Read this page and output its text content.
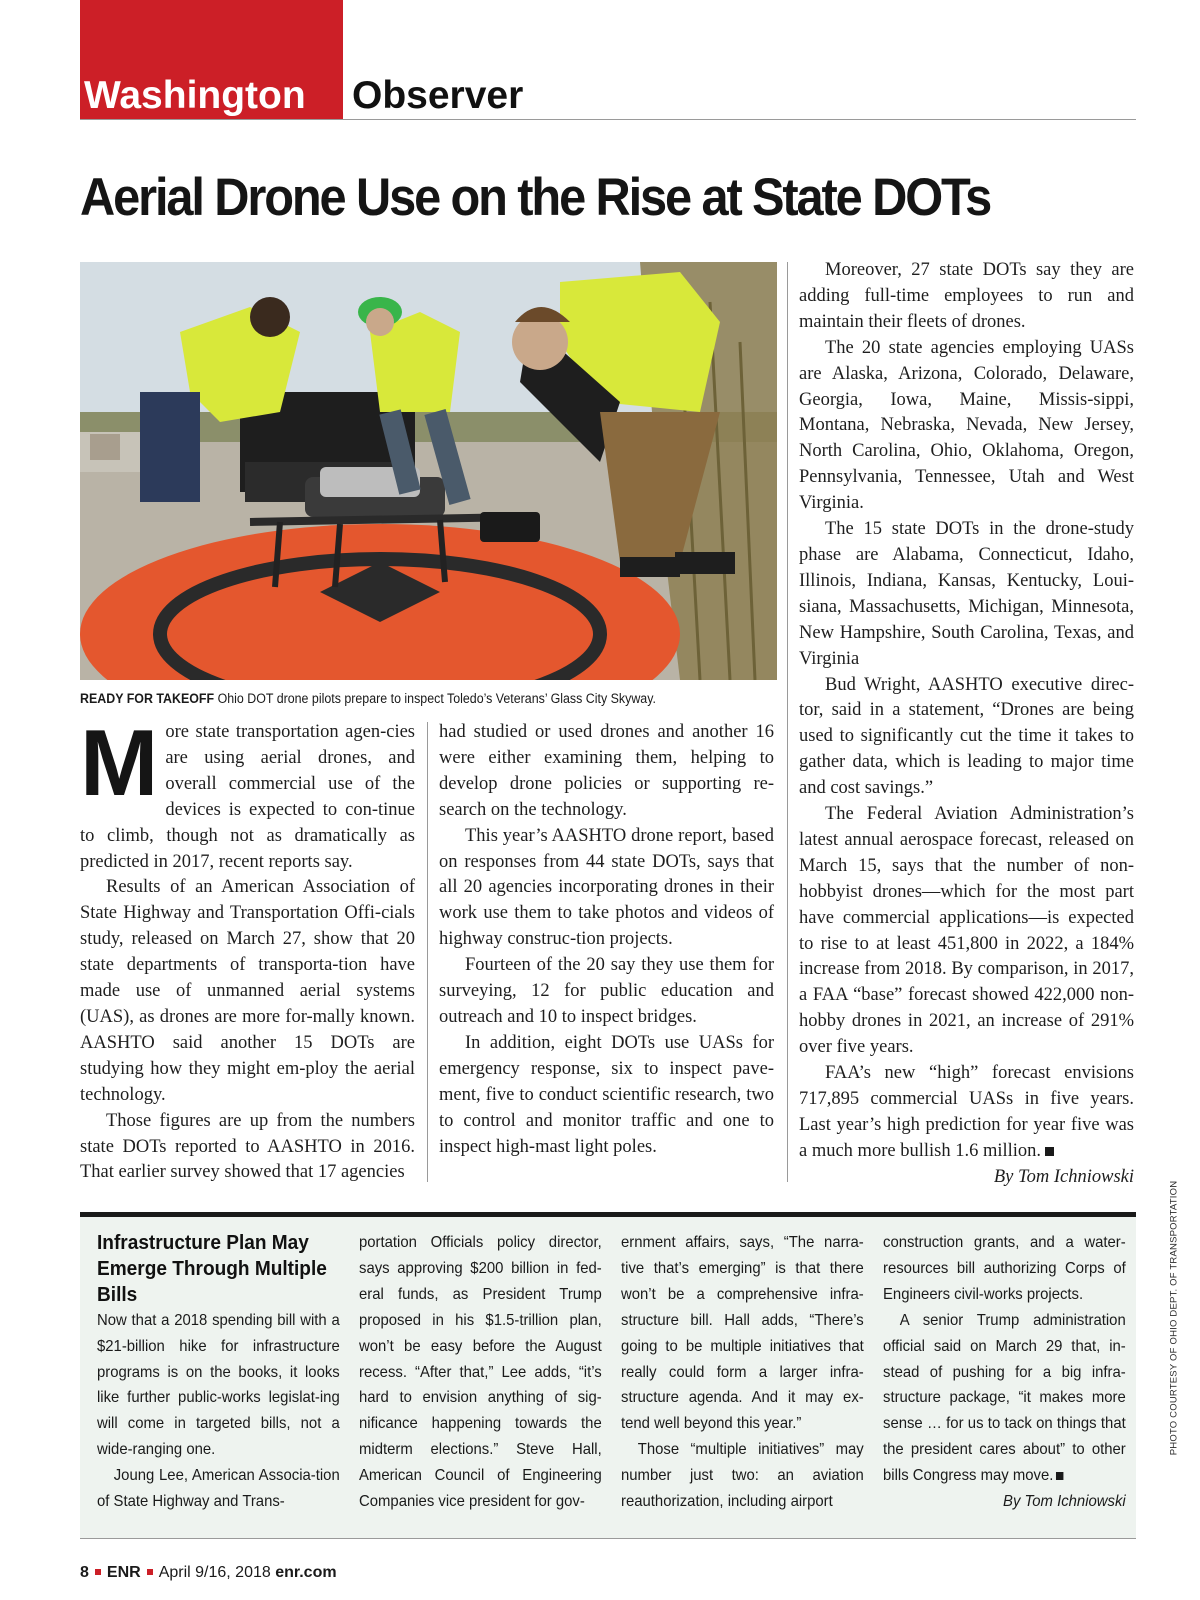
Washington Observer
Aerial Drone Use on the Rise at State DOTs
READY FOR TAKEOFF Ohio DOT drone pilots prepare to inspect Toledo’s Veterans’ Glass City Skyway.

More state transportation agen-cies are using aerial drones, and overall commercial use of the devices is expected to con-tinue to climb, though not as dramatically as predicted in 2017, recent reports say.

Results of an American Association of State Highway and Transportation Offi-cials study, released on March 27, show that 20 state departments of transporta-tion have made use of unmanned aerial systems (UAS), as drones are more for-mally known. AASHTO said another 15 DOTs are studying how they might em-ploy the aerial technology.

Those figures are up from the numbers state DOTs reported to AASHTO in 2016. That earlier survey showed that 17 agencies

had studied or used drones and another 16 were either examining them, helping to develop drone policies or supporting re-search on the technology.

This year’s AASHTO drone report, based on responses from 44 state DOTs, says that all 20 agencies incorporating drones in their work use them to take photos and videos of highway construc-tion projects.

Fourteen of the 20 say they use them for surveying, 12 for public education and outreach and 10 to inspect bridges.

In addition, eight DOTs use UASs for emergency response, six to inspect pave-ment, five to conduct scientific research, two to control and monitor traffic and one to inspect high-mast light poles.

Moreover, 27 state DOTs say they are adding full-time employees to run and maintain their fleets of drones.

The 20 state agencies employing UASs are Alaska, Arizona, Colorado, Delaware, Georgia, Iowa, Maine, Missis-sippi, Montana, Nebraska, Nevada, New Jersey, North Carolina, Ohio, Oklahoma, Oregon, Pennsylvania, Tennessee, Utah and West Virginia.

The 15 state DOTs in the drone-study phase are Alabama, Connecticut, Idaho, Illinois, Indiana, Kansas, Kentucky, Loui-siana, Massachusetts, Michigan, Minnesota, New Hampshire, South Carolina, Texas, and Virginia

Bud Wright, AASHTO executive direc-tor, said in a statement, “Drones are being used to significantly cut the time it takes to gather data, which is leading to major time and cost savings.”

The Federal Aviation Administration’s latest annual aerospace forecast, released on March 15, says that the number of non-hobbyist drones—which for the most part have commercial applications—is expected to rise to at least 451,800 in 2022, a 184% increase from 2018. By comparison, in 2017, a FAA “base” forecast showed 422,000 non-hobby drones in 2021, an increase of 291% over five years.

FAA’s new “high” forecast envisions 717,895 commercial UASs in five years. Last year’s high prediction for year five was a much more bullish 1.6 million.

By Tom Ichniowski

Infrastructure Plan May Emerge Through Multiple Bills

Now that a 2018 spending bill with a $21-billion hike for infrastructure programs is on the books, it looks like further public-works legislat-ing will come in targeted bills, not a wide-ranging one.

Joung Lee, American Associa-tion of State Highway and Trans-

portation Officials policy director, says approving $200 billion in fed-eral funds, as President Trump proposed in his $1.5-trillion plan, won’t be easy before the August recess. “After that,” Lee adds, “it’s hard to envision anything of sig-nificance happening towards the midterm elections.” Steve Hall, American Council of Engineering Companies vice president for gov-

ernment affairs, says, “The narra-tive that’s emerging” is that there won’t be a comprehensive infra-structure bill. Hall adds, “There’s going to be multiple initiatives that really could form a larger infra-structure agenda. And it may ex-tend well beyond this year.”

Those “multiple initiatives” may number just two: an aviation reauthorization, including airport

construction grants, and a water-resources bill authorizing Corps of Engineers civil-works projects.

A senior Trump administration official said on March 29 that, in-stead of pushing for a big infra-structure package, “it makes more sense … for us to tack on things that the president cares about” to other bills Congress may move.

By Tom Ichniowski

PHOTO COURTESY OF OHIO DEPT. OF TRANSPORTATION
8 ENR April 9/16, 2018 enr.com
